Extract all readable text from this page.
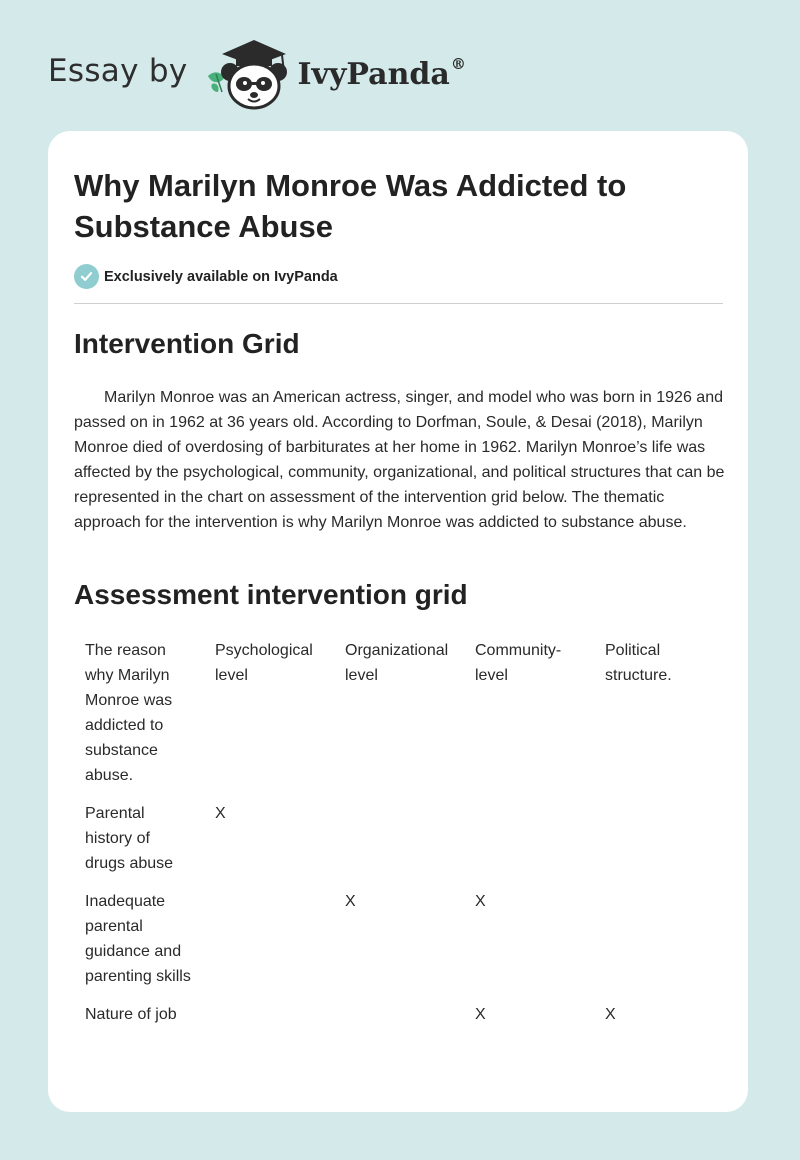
Essay by	IvyPanda®
Why Marilyn Monroe Was Addicted to Substance Abuse
Exclusively available on IvyPanda
Intervention Grid

Marilyn Monroe was an American actress, singer, and model who was born in 1926 and passed on in 1962 at 36 years old. According to Dorfman, Soule, & Desai (2018), Marilyn Monroe died of overdosing of barbiturates at her home in 1962. Marilyn Monroe’s life was affected by the psychological, community, organizational, and political structures that can be represented in the chart on assessment of the intervention grid below. The thematic approach for the intervention is why Marilyn Monroe was addicted to substance abuse.

Assessment intervention grid
The reason why Marilyn Monroe was addicted to substance abuse.	Psychological level	Organizational level	Community-level	Political structure.
Parental history of drugs abuse	X			
Inadequate parental guidance and parenting skills		X	X	
Nature of job			X	X
